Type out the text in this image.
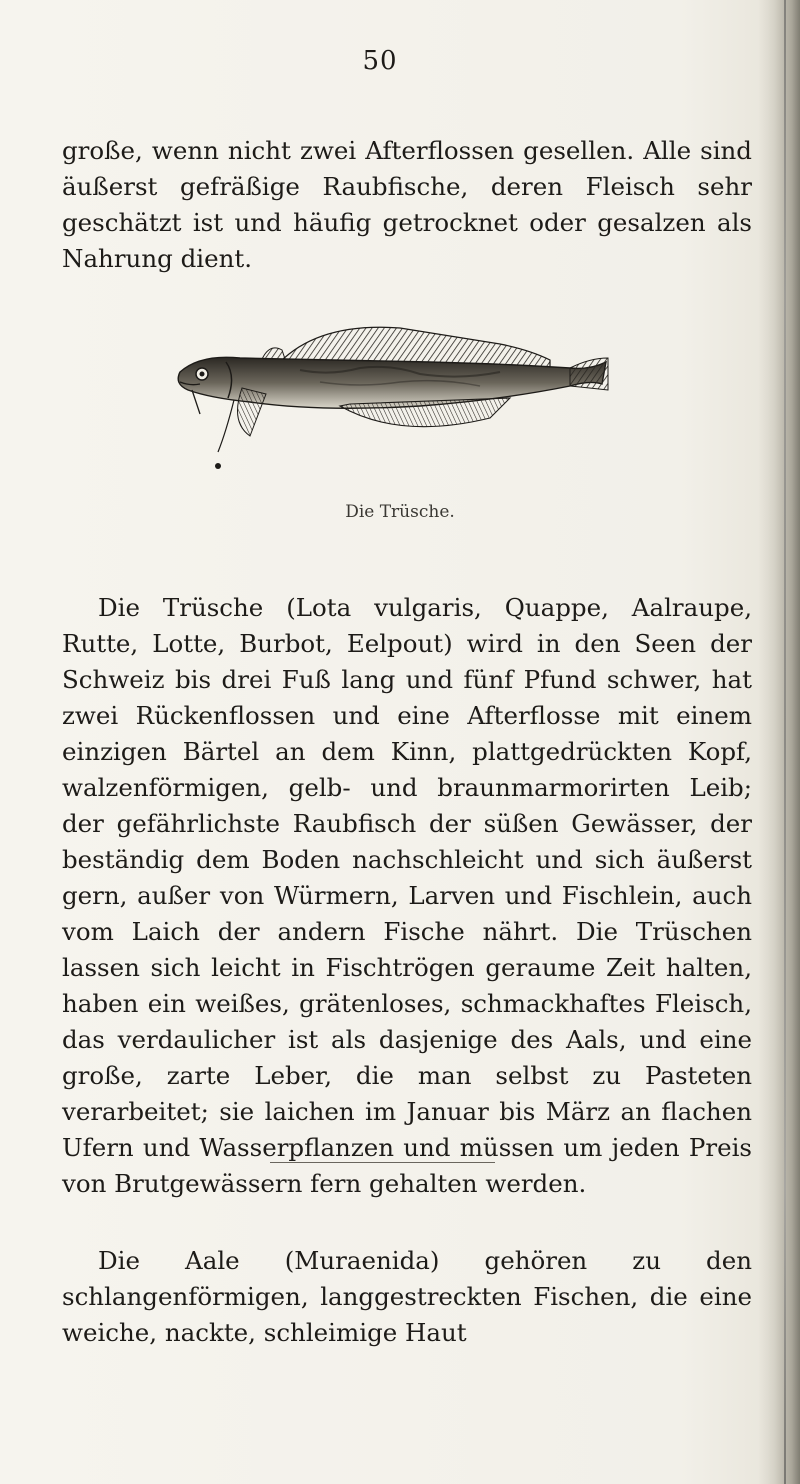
50

große, wenn nicht zwei Afterflossen gesellen. Alle sind äußerst gefräßige Raubfische, deren Fleisch sehr geschätzt ist und häufig getrocknet oder gesalzen als Nahrung dient.

Die Trüsche.

Die Trüsche (Lota vulgaris, Quappe, Aalraupe, Rutte, Lotte, Burbot, Eelpout) wird in den Seen der Schweiz bis drei Fuß lang und fünf Pfund schwer, hat zwei Rückenflossen und eine Afterflosse mit einem einzigen Bärtel an dem Kinn, plattgedrückten Kopf, walzenförmigen, gelb- und braunmarmorirten Leib; der gefährlichste Raubfisch der süßen Gewässer, der beständig dem Boden nachschleicht und sich äußerst gern, außer von Würmern, Larven und Fischlein, auch vom Laich der andern Fische nährt. Die Trüschen lassen sich leicht in Fischtrögen geraume Zeit halten, haben ein weißes, grätenloses, schmackhaftes Fleisch, das verdaulicher ist als dasjenige des Aals, und eine große, zarte Leber, die man selbst zu Pasteten verarbeitet; sie laichen im Januar bis März an flachen Ufern und Wasserpflanzen und müssen um jeden Preis von Brutgewässern fern gehalten werden.

Die Aale (Muraenida) gehören zu den schlangenförmigen, langgestreckten Fischen, die eine weiche, nackte, schleimige Haut
